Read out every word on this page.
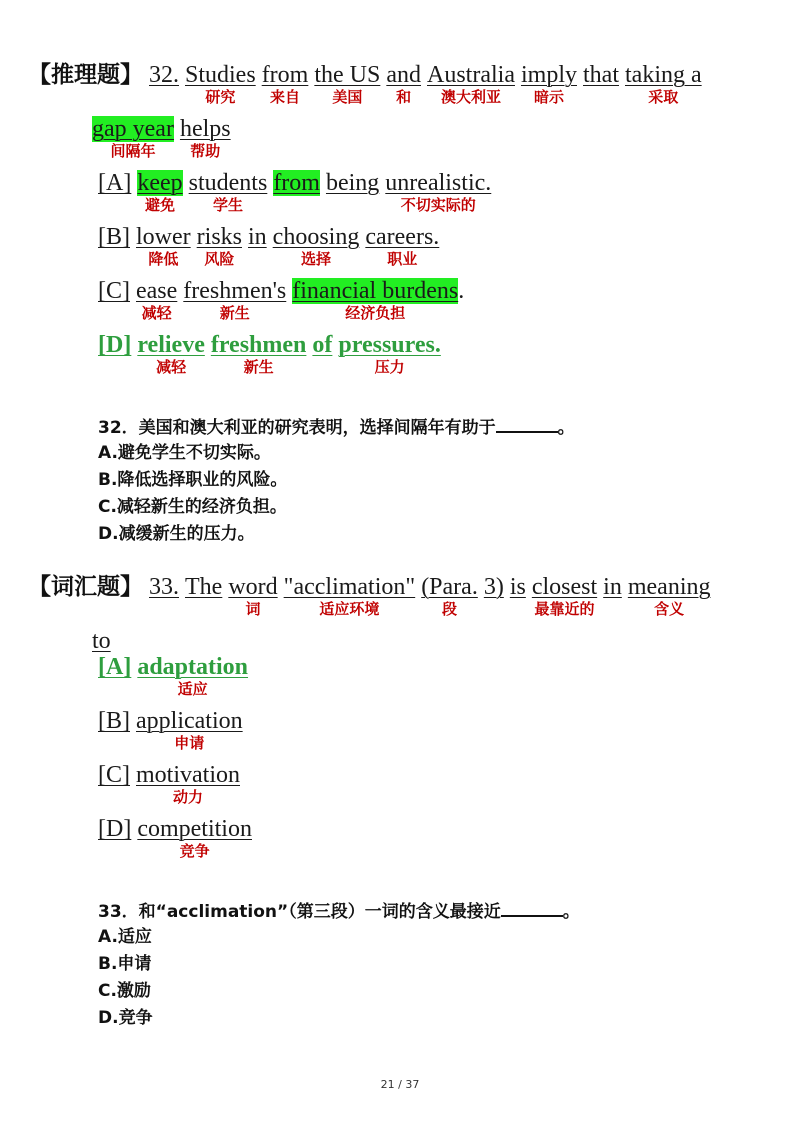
【推理题】 32. Studies
研究
from
来自
the US
美国
and
和
Australia
澳大利亚
imply
暗示
that taking a
采取
gap year
间隔年
helps
帮助
[A] keep
避免
students
学生
from being unrealistic.
不切实际的
[B] lower
降低
risks
风险
in choosing
选择
careers.
职业
[C] ease
减轻
freshmen's
新生
financial burdens
经济负担
.
[D] relieve
减轻
freshmen
新生
of pressures.
压力
32．美国和澳大利亚的研究表明，选择间隔年有助于	。
A.避免学生不切实际。
B.降低选择职业的风险。
C.减轻新生的经济负担。
D.减缓新生的压力。
【词汇题】 33. The word
词
"acclimation"
适应环境
(Para.
段
3) is closest
最靠近的
in meaning
含义
to
[A] adaptation
适应
[B] application
申请
[C] motivation
动力
[D] competition
竞争
33．和“acclimation”（第三段）一词的含义最接近	。
A.适应
B.申请
C.激励
D.竞争
21 / 37
